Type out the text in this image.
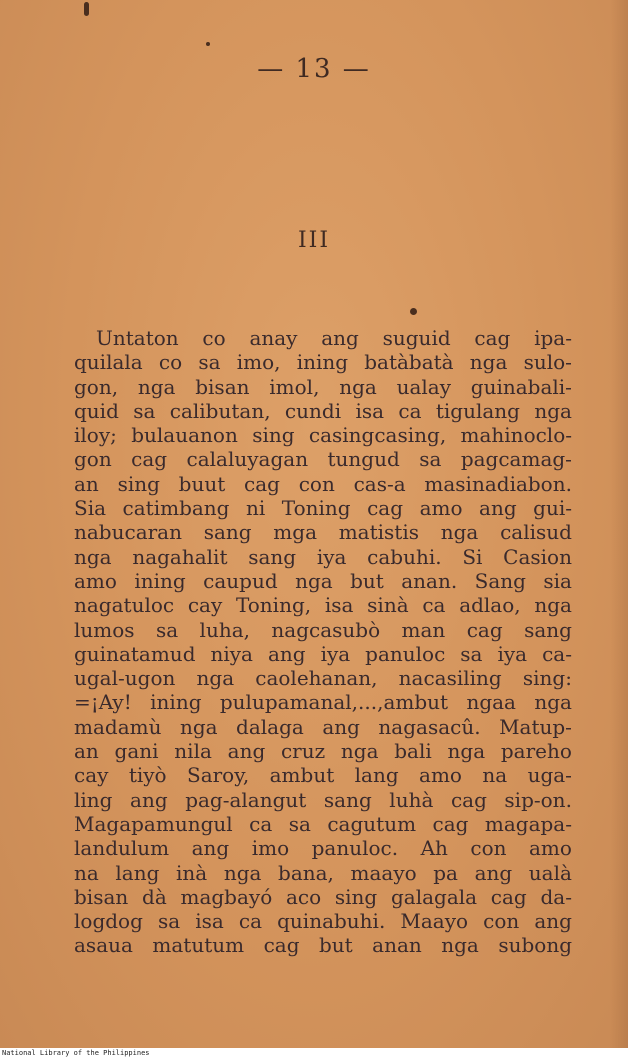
— 13 —
III
Untaton co anay ang suguid cag ipa-
quilala co sa imo, ining batàbatà nga sulo-
gon, nga bisan imol, nga ualay guinabali-
quid sa calibutan, cundi isa ca tigulang nga
iloy; bulauanon sing casingcasing, mahinoclo-
gon cag calaluyagan tungud sa pagcamag-
an sing buut cag con cas-a masinadiabon.
Sia catimbang ni Toning cag amo ang gui-
nabucaran sang mga matistis nga calisud
nga nagahalit sang iya cabuhi. Si Casion
amo ining caupud nga but anan. Sang sia
nagatuloc cay Toning, isa sinà ca adlao, nga
lumos sa luha, nagcasubò man cag sang
guinatamud niya ang iya panuloc sa iya ca-
ugal-ugon nga caolehanan, nacasiling sing:
=¡Ay! ining pulupamanal,...,ambut ngaa nga
madamù nga dalaga ang nagasacû. Matup-
an gani nila ang cruz nga bali nga pareho
cay tiyò Saroy, ambut lang amo na uga-
ling ang pag-alangut sang luhà cag sip-on.
Magapamungul ca sa cagutum cag magapa-
landulum ang imo panuloc. Ah con amo
na lang inà nga bana, maayo pa ang ualà
bisan dà magbayó aco sing galagala cag da-
logdog sa isa ca quinabuhi. Maayo con ang
asaua matutum cag but anan nga subong
National Library of the Philippines
